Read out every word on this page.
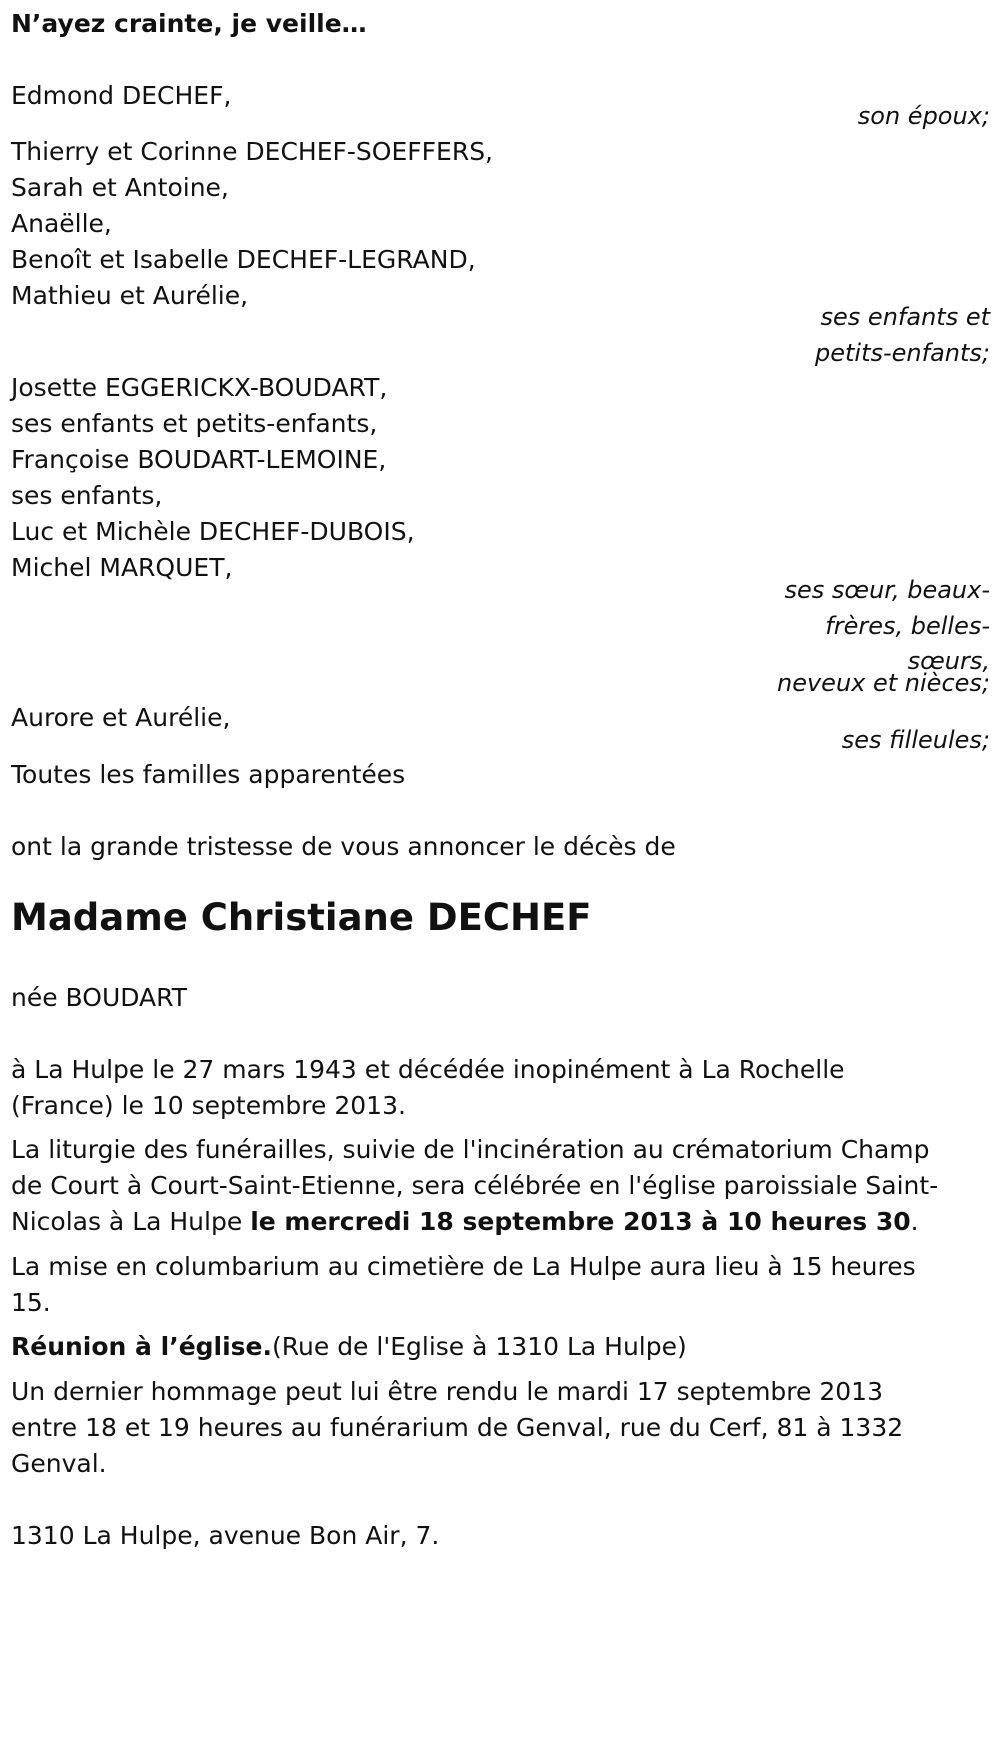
N’ayez crainte, je veille…
Edmond DECHEF,
son époux;
Thierry et Corinne DECHEF-SOEFFERS,
Sarah et Antoine,
Anaëlle,
Benoît et Isabelle DECHEF-LEGRAND,
Mathieu et Aurélie,
ses enfants et
petits-enfants;
Josette EGGERICKX-BOUDART,
ses enfants et petits-enfants,
Françoise BOUDART-LEMOINE,
ses enfants,
Luc et Michèle DECHEF-DUBOIS,
Michel MARQUET,
ses sœur, beaux-
frères, belles-
sœurs,
neveux et nièces;
Aurore et Aurélie,
ses filleules;
Toutes les familles apparentées
ont la grande tristesse de vous annoncer le décès de
Madame Christiane DECHEF
née BOUDART
à La Hulpe le 27 mars 1943 et décédée inopinément à La Rochelle
(France) le 10 septembre 2013.
La liturgie des funérailles, suivie de l'incinération au crématorium Champ
de Court à Court-Saint-Etienne, sera célébrée en l'église paroissiale Saint-
Nicolas à La Hulpe le mercredi 18 septembre 2013 à 10 heures 30.
La mise en columbarium au cimetière de La Hulpe aura lieu à 15 heures
15.
Réunion à l’église.(Rue de l'Eglise à 1310 La Hulpe)
Un dernier hommage peut lui être rendu le mardi 17 septembre 2013
entre 18 et 19 heures au funérarium de Genval, rue du Cerf, 81 à 1332
Genval.
1310 La Hulpe, avenue Bon Air, 7.
